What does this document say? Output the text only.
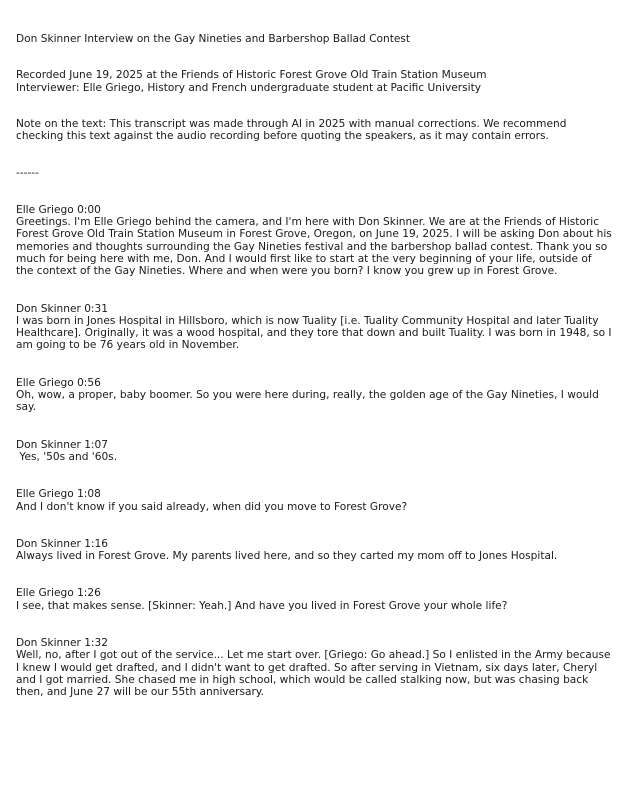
Don Skinner Interview on the Gay Nineties and Barbershop Ballad Contest

Recorded June 19, 2025 at the Friends of Historic Forest Grove Old Train Station Museum

Interviewer: Elle Griego, History and French undergraduate student at Pacific University

Note on the text: This transcript was made through AI in 2025 with manual corrections. We recommend checking this text against the audio recording before quoting the speakers, as it may contain errors.

------

Elle Griego 0:00

Greetings. I'm Elle Griego behind the camera, and I'm here with Don Skinner. We are at the Friends of Historic Forest Grove Old Train Station Museum in Forest Grove, Oregon, on June 19, 2025. I will be asking Don about his memories and thoughts surrounding the Gay Nineties festival and the barbershop ballad contest. Thank you so much for being here with me, Don. And I would first like to start at the very beginning of your life, outside of the context of the Gay Nineties. Where and when were you born? I know you grew up in Forest Grove.

Don Skinner 0:31

I was born in Jones Hospital in Hillsboro, which is now Tuality [i.e. Tuality Community Hospital and later Tuality Healthcare]. Originally, it was a wood hospital, and they tore that down and built Tuality. I was born in 1948, so I am going to be 76 years old in November.

Elle Griego 0:56

Oh, wow, a proper, baby boomer. So you were here during, really, the golden age of the Gay Nineties, I would say.

Don Skinner 1:07

Yes, '50s and '60s.

Elle Griego 1:08

And I don't know if you said already, when did you move to Forest Grove?

Don Skinner 1:16

Always lived in Forest Grove. My parents lived here, and so they carted my mom off to Jones Hospital.

Elle Griego 1:26

I see, that makes sense. [Skinner: Yeah.] And have you lived in Forest Grove your whole life?

Don Skinner 1:32

Well, no, after I got out of the service... Let me start over. [Griego: Go ahead.] So I enlisted in the Army because I knew I would get drafted, and I didn't want to get drafted. So after serving in Vietnam, six days later, Cheryl and I got married. She chased me in high school, which would be called stalking now, but was chasing back then, and June 27 will be our 55th anniversary.
